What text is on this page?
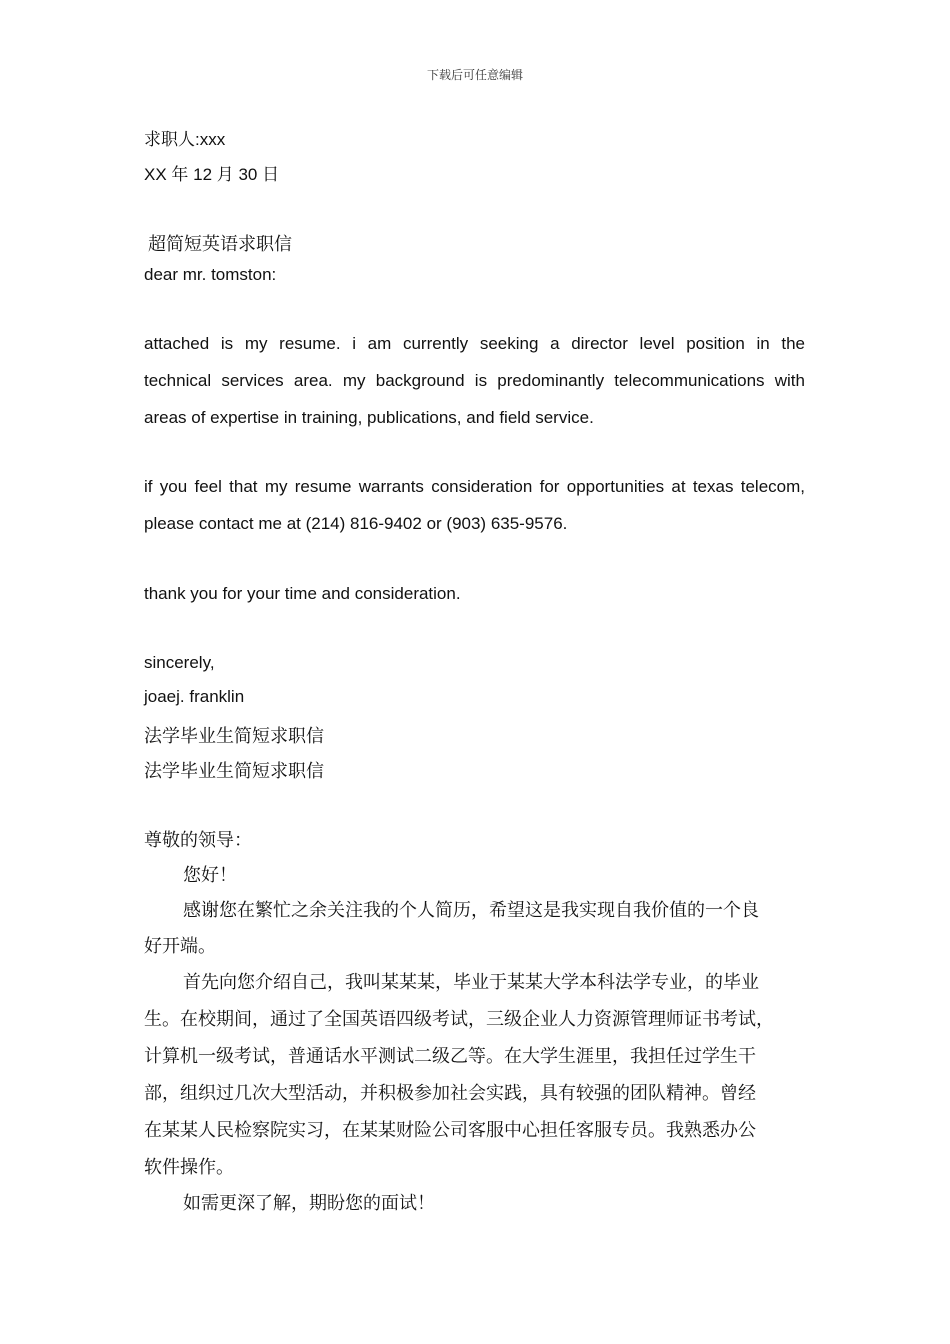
下载后可任意编辑
求职人:xxx
XX 年 12 月 30 日
超简短英语求职信
dear mr. tomston:
attached is my resume. i am currently seeking a director level position in the
technical services area. my background is predominantly telecommunications with
areas of expertise in training, publications, and field service.
if you feel that my resume warrants consideration for opportunities at texas telecom,
please contact me at (214) 816-9402 or (903) 635-9576.
thank you for your time and consideration.
sincerely,
joaej. franklin
法学毕业生简短求职信
法学毕业生简短求职信
尊敬的领导：
您好！
感谢您在繁忙之余关注我的个人简历，希望这是我实现自我价值的一个良
好开端。
首先向您介绍自己，我叫某某某，毕业于某某大学本科法学专业，的毕业
生。在校期间，通过了全国英语四级考试，三级企业人力资源管理师证书考试，
计算机一级考试，普通话水平测试二级乙等。在大学生涯里，我担任过学生干
部，组织过几次大型活动，并积极参加社会实践，具有较强的团队精神。曾经
在某某人民检察院实习，在某某财险公司客服中心担任客服专员。我熟悉办公
软件操作。
如需更深了解，期盼您的面试！
